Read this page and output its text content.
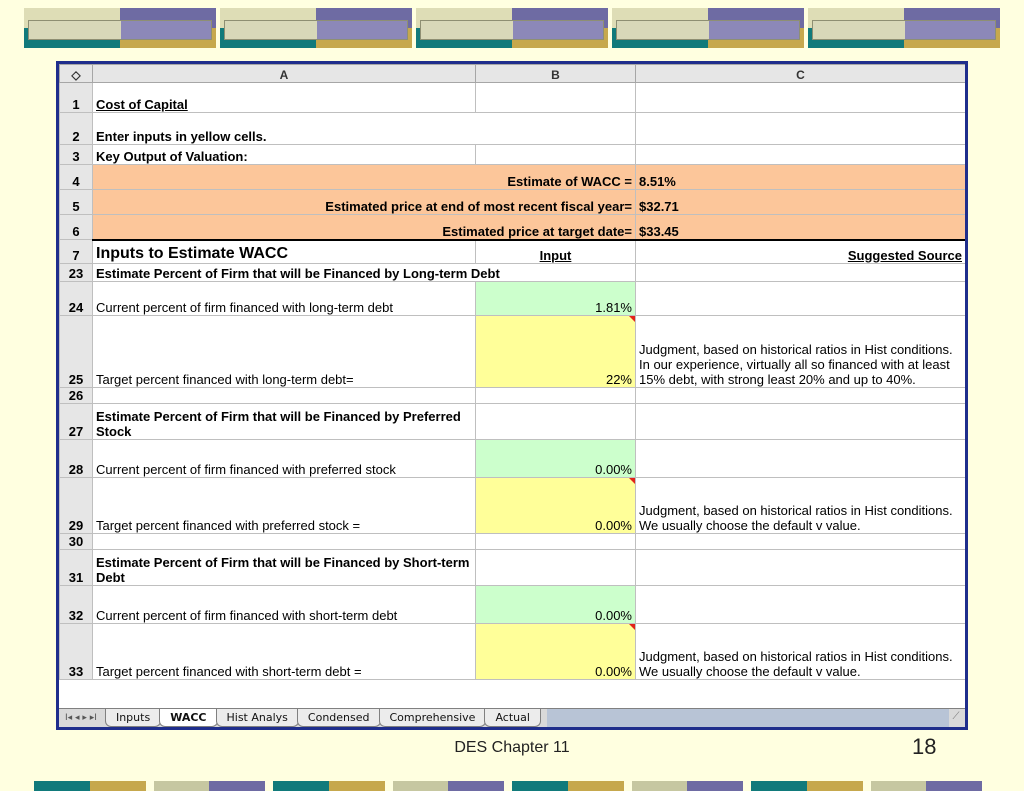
◇	A	B	C
1	Cost of Capital		
2	Enter inputs in yellow cells.		
3	Key Output of Valuation:		
4	Estimate of WACC =		8.51%
5	Estimated price at end of most recent fiscal year=		$32.71
6	Estimated price at target date=		$33.45
7	Inputs to Estimate WACC	Input	Suggested Source
23	Estimate Percent of Firm that will be Financed by Long-term Debt		
24	Current percent of firm financed with long-term debt	1.81%	
25	Target percent financed with long-term debt=	22%	Judgment, based on historical ratios in Hist conditions. In our experience, virtually all so financed with at least 15% debt, with strong least 20% and up to 40%.
26			
27	Estimate Percent of Firm that will be Financed by Preferred Stock		
28	Current percent of firm financed with preferred stock	0.00%	
29	Target percent financed with preferred stock =	0.00%	Judgment, based on historical ratios in Hist conditions. We usually choose the default v value.
30			
31	Estimate Percent of Firm that will be Financed by Short-term Debt		
32	Current percent of firm financed with short-term debt	0.00%	
33	Target percent financed with short-term debt =	0.00%	Judgment, based on historical ratios in Hist conditions. We usually choose the default v value.
I◂ ◂ ▸ ▸I	Inputs	WACC	Hist Analys	Condensed	Comprehensive	Actual	⟋
DES Chapter 11	18
